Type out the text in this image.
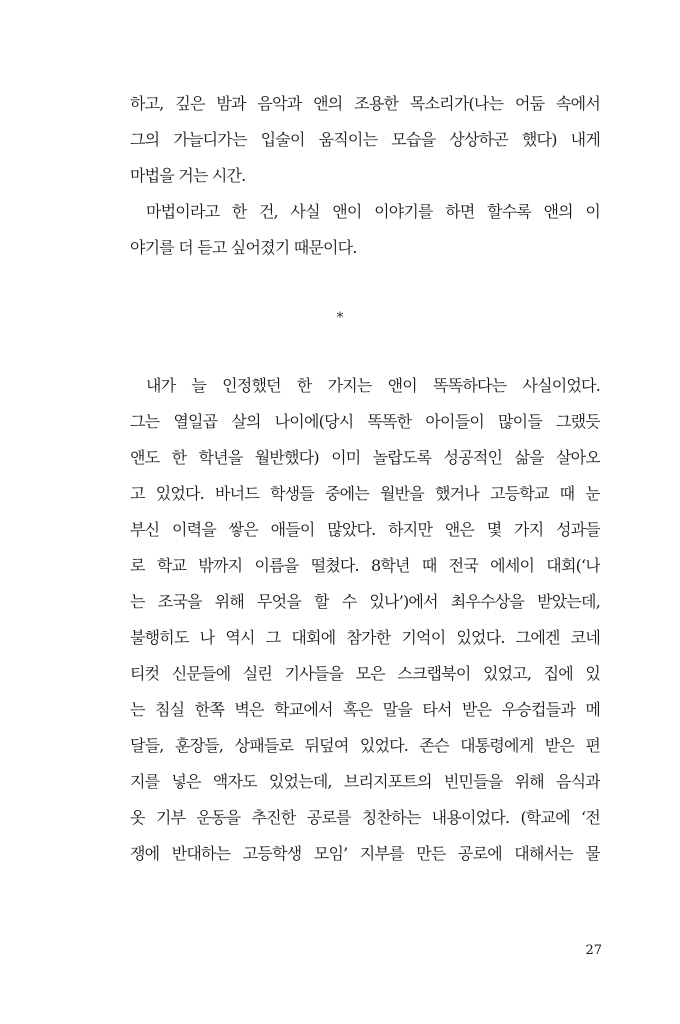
하고, 깊은 밤과 음악과 앤의 조용한 목소리가(나는 어둠 속에서
그의 가늘디가는 입술이 움직이는 모습을 상상하곤 했다) 내게
마법을 거는 시간.
마법이라고 한 건, 사실 앤이 이야기를 하면 할수록 앤의 이
야기를 더 듣고 싶어졌기 때문이다.
*
내가 늘 인정했던 한 가지는 앤이 똑똑하다는 사실이었다.
그는 열일곱 살의 나이에(당시 똑똑한 아이들이 많이들 그랬듯
앤도 한 학년을 월반했다) 이미 놀랍도록 성공적인 삶을 살아오
고 있었다. 바너드 학생들 중에는 월반을 했거나 고등학교 때 눈
부신 이력을 쌓은 애들이 많았다. 하지만 앤은 몇 가지 성과들
로 학교 밖까지 이름을 떨쳤다. 8학년 때 전국 에세이 대회(‘나
는 조국을 위해 무엇을 할 수 있나’)에서 최우수상을 받았는데,
불행히도 나 역시 그 대회에 참가한 기억이 있었다. 그에겐 코네
티컷 신문들에 실린 기사들을 모은 스크랩북이 있었고, 집에 있
는 침실 한쪽 벽은 학교에서 혹은 말을 타서 받은 우승컵들과 메
달들, 훈장들, 상패들로 뒤덮여 있었다. 존슨 대통령에게 받은 편
지를 넣은 액자도 있었는데, 브리지포트의 빈민들을 위해 음식과
옷 기부 운동을 추진한 공로를 칭찬하는 내용이었다. (학교에 ‘전
쟁에 반대하는 고등학생 모임’ 지부를 만든 공로에 대해서는 물
27
